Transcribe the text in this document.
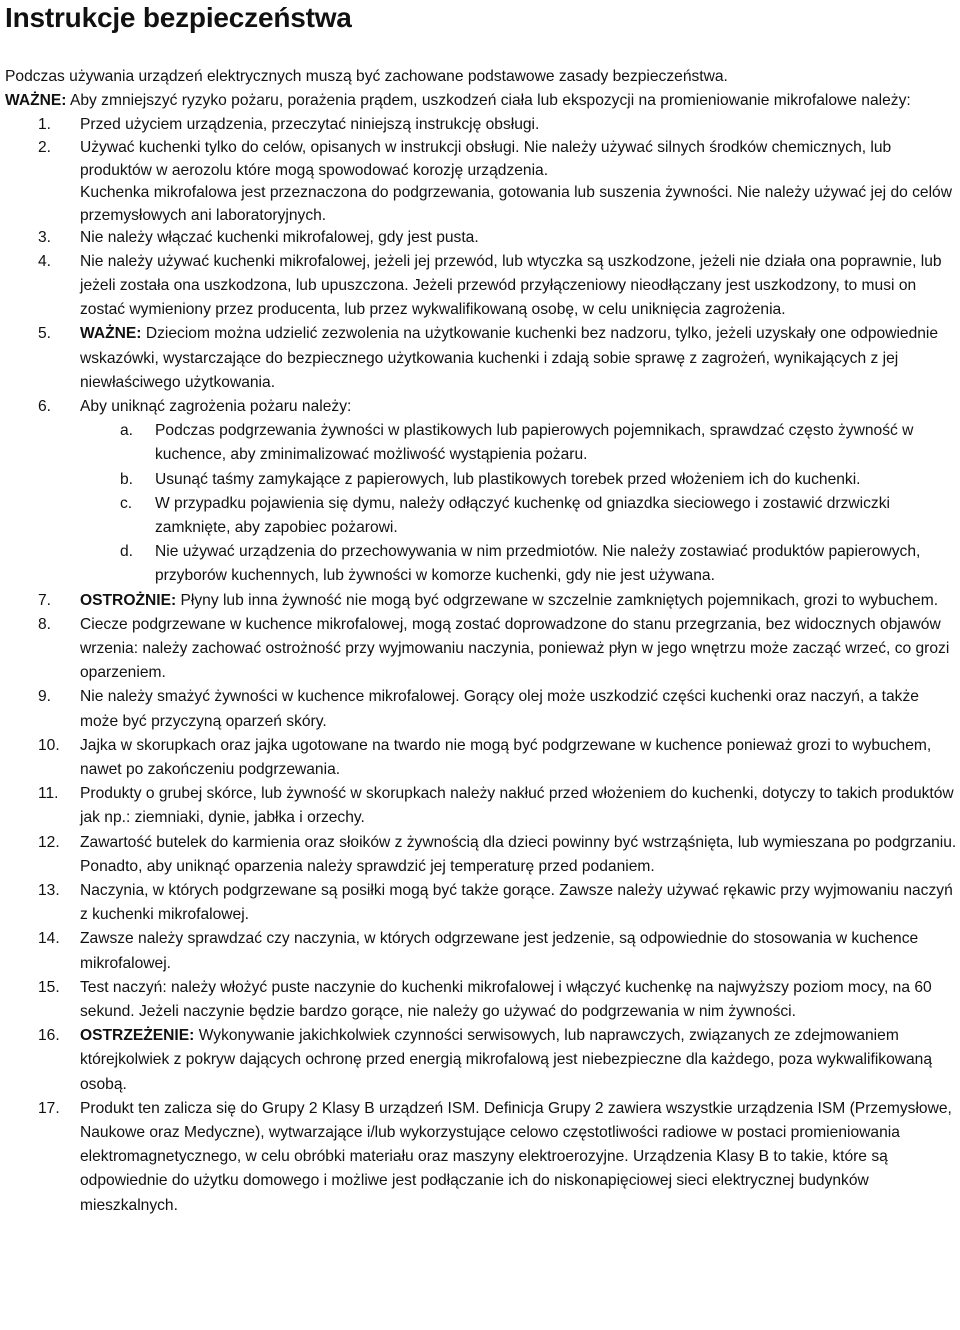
Instrukcje bezpieczeństwa

Podczas używania urządzeń elektrycznych muszą być zachowane podstawowe zasady bezpieczeństwa.

WAŻNE: Aby zmniejszyć ryzyko pożaru, porażenia prądem, uszkodzeń ciała lub ekspozycji na promieniowanie mikrofalowe należy:

1. Przed użyciem urządzenia, przeczytać niniejszą instrukcję obsługi.
2. Używać kuchenki tylko do celów, opisanych w instrukcji obsługi. Nie należy używać silnych środków chemicznych, lub produktów w aerozolu które mogą spowodować korozję urządzenia.

Kuchenka mikrofalowa jest przeznaczona do podgrzewania, gotowania lub suszenia żywności. Nie należy używać jej do celów przemysłowych ani laboratoryjnych.

3. Nie należy włączać kuchenki mikrofalowej, gdy jest pusta.
4. Nie należy używać kuchenki mikrofalowej, jeżeli jej przewód, lub wtyczka są uszkodzone, jeżeli nie działa ona poprawnie, lub jeżeli została ona uszkodzona, lub upuszczona. Jeżeli przewód przyłączeniowy nieodłączany jest uszkodzony, to musi on zostać wymieniony przez producenta, lub przez wykwalifikowaną osobę, w celu uniknięcia zagrożenia.
5. WAŻNE: Dzieciom można udzielić zezwolenia na użytkowanie kuchenki bez nadzoru, tylko, jeżeli uzyskały one odpowiednie wskazówki, wystarczające do bezpiecznego użytkowania kuchenki i zdają sobie sprawę z zagrożeń, wynikających z jej niewłaściwego użytkowania.
6. Aby uniknąć zagrożenia pożaru należy:
a. Podczas podgrzewania żywności w plastikowych lub papierowych pojemnikach, sprawdzać często żywność w kuchence, aby zminimalizować możliwość wystąpienia pożaru.
b. Usunąć taśmy zamykające z papierowych, lub plastikowych torebek przed włożeniem ich do kuchenki.
c. W przypadku pojawienia się dymu, należy odłączyć kuchenkę od gniazdka sieciowego i zostawić drzwiczki zamknięte, aby zapobiec pożarowi.
d. Nie używać urządzenia do przechowywania w nim przedmiotów. Nie należy zostawiać produktów papierowych, przyborów kuchennych, lub żywności w komorze kuchenki, gdy nie jest używana.
7. OSTROŻNIE: Płyny lub inna żywność nie mogą być odgrzewane w szczelnie zamkniętych pojemnikach, grozi to wybuchem.
8. Ciecze podgrzewane w kuchence mikrofalowej, mogą zostać doprowadzone do stanu przegrzania, bez widocznych objawów wrzenia: należy zachować ostrożność przy wyjmowaniu naczynia, ponieważ płyn w jego wnętrzu może zacząć wrzeć, co grozi oparzeniem.
9. Nie należy smażyć żywności w kuchence mikrofalowej. Gorący olej może uszkodzić części kuchenki oraz naczyń, a także może być przyczyną oparzeń skóry.
10. Jajka w skorupkach oraz jajka ugotowane na twardo nie mogą być podgrzewane w kuchence ponieważ grozi to wybuchem, nawet po zakończeniu podgrzewania.
11. Produkty o grubej skórce, lub żywność w skorupkach należy nakłuć przed włożeniem do kuchenki, dotyczy to takich produktów jak np.: ziemniaki, dynie, jabłka i orzechy.
12. Zawartość butelek do karmienia oraz słoików z żywnością dla dzieci powinny być wstrząśnięta, lub wymieszana po podgrzaniu. Ponadto, aby uniknąć oparzenia należy sprawdzić jej temperaturę przed podaniem.
13. Naczynia, w których podgrzewane są posiłki mogą być także gorące. Zawsze należy używać rękawic przy wyjmowaniu naczyń z kuchenki mikrofalowej.
14. Zawsze należy sprawdzać czy naczynia, w których odgrzewane jest jedzenie, są odpowiednie do stosowania w kuchence mikrofalowej.
15. Test naczyń: należy włożyć puste naczynie do kuchenki mikrofalowej i włączyć kuchenkę na najwyższy poziom mocy, na 60 sekund. Jeżeli naczynie będzie bardzo gorące, nie należy go używać do podgrzewania w nim żywności.
16. OSTRZEŻENIE: Wykonywanie jakichkolwiek czynności serwisowych, lub naprawczych, związanych ze zdejmowaniem którejkolwiek z pokryw dających ochronę przed energią mikrofalową jest niebezpieczne dla każdego, poza wykwalifikowaną osobą.
17. Produkt ten zalicza się do Grupy 2 Klasy B urządzeń ISM. Definicja Grupy 2 zawiera wszystkie urządzenia ISM (Przemysłowe, Naukowe oraz Medyczne), wytwarzające i/lub wykorzystujące celowo częstotliwości radiowe w postaci promieniowania elektromagnetycznego, w celu obróbki materiału oraz maszyny elektroerozyjne. Urządzenia Klasy B to takie, które są odpowiednie do użytku domowego i możliwe jest podłączanie ich do niskonapięciowej sieci elektrycznej budynków mieszkalnych.
